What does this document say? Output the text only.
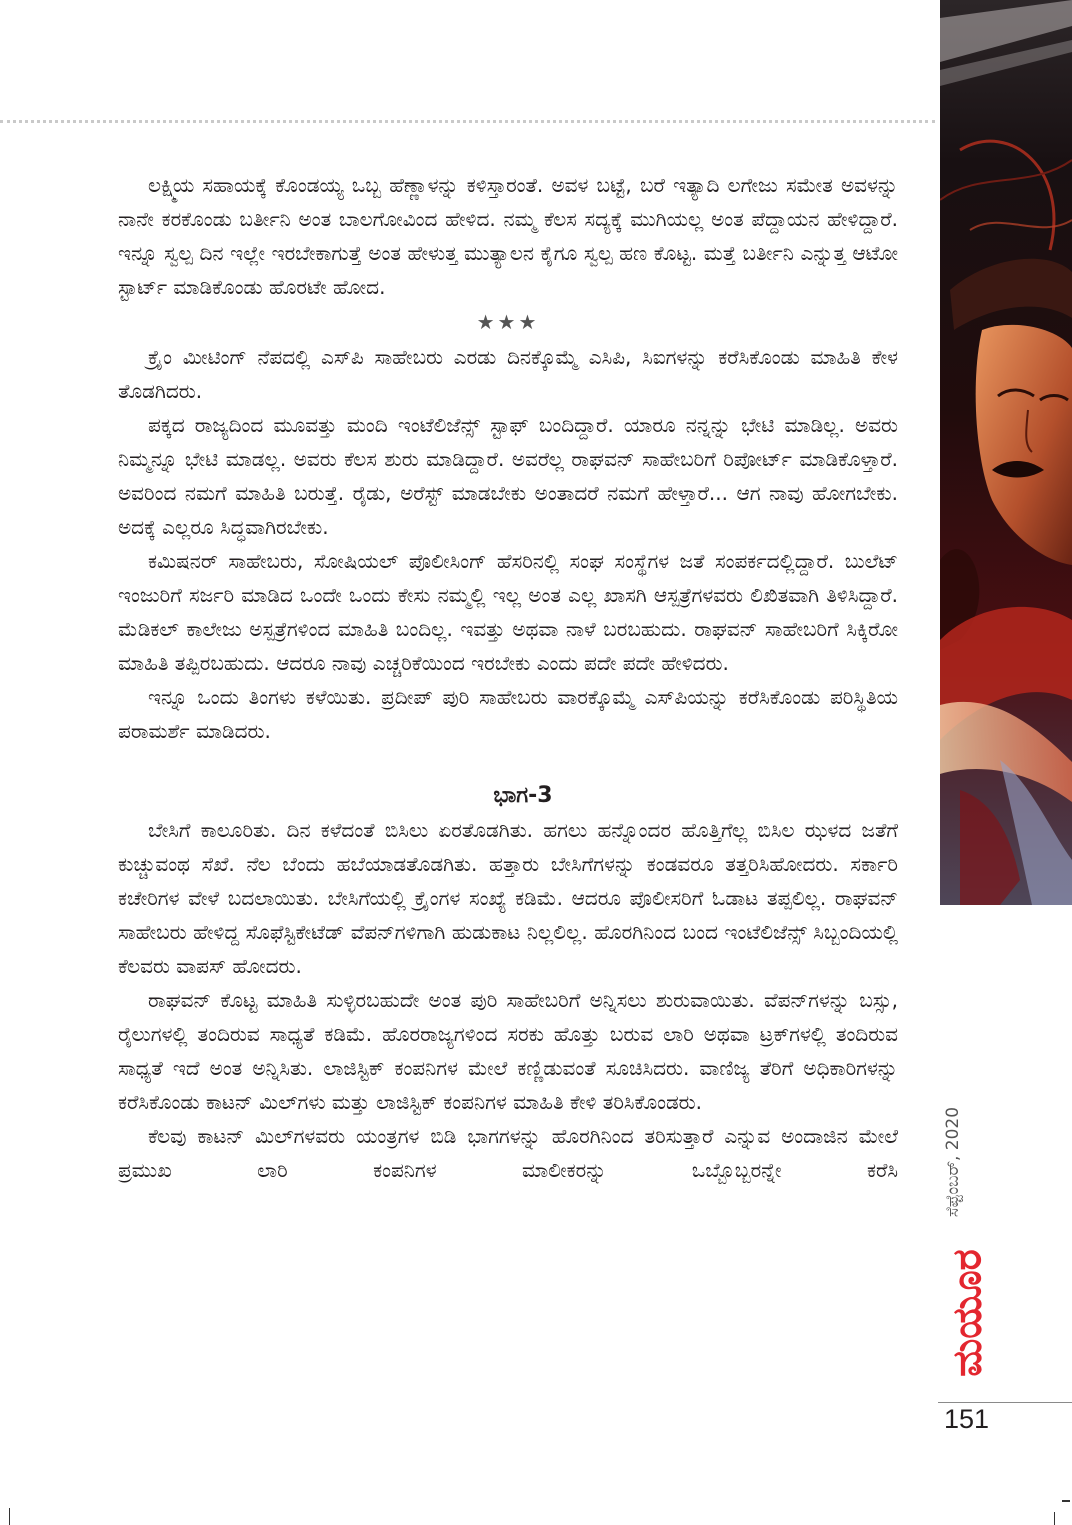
ಲಕ್ಷ್ಮಿಯ ಸಹಾಯಕ್ಕೆ ಕೊಂಡಯ್ಯ ಒಬ್ಬ ಹೆಣ್ಣಾಳನ್ನು ಕಳಿಸ್ತಾರಂತೆ. ಅವಳ ಬಟ್ಟೆ, ಬರೆ ಇತ್ಯಾದಿ ಲಗೇಜು ಸಮೇತ ಅವಳನ್ನು ನಾನೇ ಕರಕೊಂಡು ಬರ್ತೀನಿ ಅಂತ ಬಾಲಗೋವಿಂದ ಹೇಳಿದ. ನಮ್ಮ ಕೆಲಸ ಸದ್ಯಕ್ಕೆ ಮುಗಿಯಲ್ಲ ಅಂತ ಪೆದ್ದಾಯನ ಹೇಳಿದ್ದಾರೆ. ಇನ್ನೂ ಸ್ವಲ್ಪ ದಿನ ಇಲ್ಲೇ ಇರಬೇಕಾಗುತ್ತೆ ಅಂತ ಹೇಳುತ್ತ ಮುತ್ಯಾಲನ ಕೈಗೂ ಸ್ವಲ್ಪ ಹಣ ಕೊಟ್ಟ. ಮತ್ತೆ ಬರ್ತೀನಿ ಎನ್ನುತ್ತ ಆಟೋ ಸ್ಟಾರ್ಟ್ ಮಾಡಿಕೊಂಡು ಹೊರಟೇ ಹೋದ.

★★★

ಕ್ರೈಂ ಮೀಟಿಂಗ್ ನೆಪದಲ್ಲಿ ಎಸ್‌ಪಿ ಸಾಹೇಬರು ಎರಡು ದಿನಕ್ಕೊಮ್ಮೆ ಎಸಿಪಿ, ಸಿಐಗಳನ್ನು ಕರೆಸಿಕೊಂಡು ಮಾಹಿತಿ ಕೇಳ ತೊಡಗಿದರು.

ಪಕ್ಕದ ರಾಜ್ಯದಿಂದ ಮೂವತ್ತು ಮಂದಿ ಇಂಟೆಲಿಜೆನ್ಸ್ ಸ್ಟಾಫ್ ಬಂದಿದ್ದಾರೆ. ಯಾರೂ ನನ್ನನ್ನು ಭೇಟಿ ಮಾಡಿಲ್ಲ. ಅವರು ನಿಮ್ಮನ್ನೂ ಭೇಟಿ ಮಾಡಲ್ಲ. ಅವರು ಕೆಲಸ ಶುರು ಮಾಡಿದ್ದಾರೆ. ಅವರೆಲ್ಲ ರಾಘವನ್ ಸಾಹೇಬರಿಗೆ ರಿಪೋರ್ಟ್ ಮಾಡಿಕೊಳ್ತಾರೆ. ಅವರಿಂದ ನಮಗೆ ಮಾಹಿತಿ ಬರುತ್ತೆ. ರೈಡು, ಅರೆಸ್ಟ್ ಮಾಡಬೇಕು ಅಂತಾದರೆ ನಮಗೆ ಹೇಳ್ತಾರೆ... ಆಗ ನಾವು ಹೋಗಬೇಕು. ಅದಕ್ಕೆ ಎಲ್ಲರೂ ಸಿದ್ಧವಾಗಿರಬೇಕು.

ಕಮಿಷನರ್ ಸಾಹೇಬರು, ಸೋಷಿಯಲ್ ಪೊಲೀಸಿಂಗ್ ಹೆಸರಿನಲ್ಲಿ ಸಂಘ ಸಂಸ್ಥೆಗಳ ಜತೆ ಸಂಪರ್ಕದಲ್ಲಿದ್ದಾರೆ. ಬುಲೆಟ್ ಇಂಜುರಿಗೆ ಸರ್ಜರಿ ಮಾಡಿದ ಒಂದೇ ಒಂದು ಕೇಸು ನಮ್ಮಲ್ಲಿ ಇಲ್ಲ ಅಂತ ಎಲ್ಲ ಖಾಸಗಿ ಆಸ್ಪತ್ರೆಗಳವರು ಲಿಖಿತವಾಗಿ ತಿಳಿಸಿದ್ದಾರೆ. ಮೆಡಿಕಲ್ ಕಾಲೇಜು ಅಸ್ಪತ್ರೆಗಳಿಂದ ಮಾಹಿತಿ ಬಂದಿಲ್ಲ. ಇವತ್ತು ಅಥವಾ ನಾಳೆ ಬರಬಹುದು. ರಾಘವನ್ ಸಾಹೇಬರಿಗೆ ಸಿಕ್ಕಿರೋ ಮಾಹಿತಿ ತಪ್ಪಿರಬಹುದು. ಆದರೂ ನಾವು ಎಚ್ಚರಿಕೆಯಿಂದ ಇರಬೇಕು ಎಂದು ಪದೇ ಪದೇ ಹೇಳಿದರು.

ಇನ್ನೂ ಒಂದು ತಿಂಗಳು ಕಳೆಯಿತು. ಪ್ರದೀಪ್ ಪುರಿ ಸಾಹೇಬರು ವಾರಕ್ಕೊಮ್ಮೆ ಎಸ್‌ಪಿಯನ್ನು ಕರೆಸಿಕೊಂಡು ಪರಿಸ್ಥಿತಿಯ ಪರಾಮರ್ಶೆ ಮಾಡಿದರು.

ಭಾಗ-3

ಬೇಸಿಗೆ ಕಾಲೂರಿತು. ದಿನ ಕಳೆದಂತೆ ಬಿಸಿಲು ಏರತೊಡಗಿತು. ಹಗಲು ಹನ್ನೊಂದರ ಹೊತ್ತಿಗೆಲ್ಲ ಬಿಸಿಲ ಝಳದ ಜತೆಗೆ ಕುಚ್ಚುವಂಥ ಸೆಖೆ. ನೆಲ ಬೆಂದು ಹಬೆಯಾಡತೊಡಗಿತು. ಹತ್ತಾರು ಬೇಸಿಗೆಗಳನ್ನು ಕಂಡವರೂ ತತ್ತರಿಸಿಹೋದರು. ಸರ್ಕಾರಿ ಕಚೇರಿಗಳ ವೇಳೆ ಬದಲಾಯಿತು. ಬೇಸಿಗೆಯಲ್ಲಿ ಕ್ರೈಂಗಳ ಸಂಖ್ಯೆ ಕಡಿಮೆ. ಆದರೂ ಪೊಲೀಸರಿಗೆ ಓಡಾಟ ತಪ್ಪಲಿಲ್ಲ. ರಾಘವನ್ ಸಾಹೇಬರು ಹೇಳಿದ್ದ ಸೊಫೆಸ್ಟಿಕೇಟೆಡ್ ವೆಪನ್‌ಗಳಿಗಾಗಿ ಹುಡುಕಾಟ ನಿಲ್ಲಲಿಲ್ಲ. ಹೊರಗಿನಿಂದ ಬಂದ ಇಂಟೆಲಿಜೆನ್ಸ್ ಸಿಬ್ಬಂದಿಯಲ್ಲಿ ಕೆಲವರು ವಾಪಸ್ ಹೋದರು.

ರಾಘವನ್ ಕೊಟ್ಟ ಮಾಹಿತಿ ಸುಳ್ಳಿರಬಹುದೇ ಅಂತ ಪುರಿ ಸಾಹೇಬರಿಗೆ ಅನ್ನಿಸಲು ಶುರುವಾಯಿತು. ವೆಪನ್‌ಗಳನ್ನು ಬಸ್ಸು, ರೈಲುಗಳಲ್ಲಿ ತಂದಿರುವ ಸಾಧ್ಯತೆ ಕಡಿಮೆ. ಹೊರರಾಜ್ಯಗಳಿಂದ ಸರಕು ಹೊತ್ತು ಬರುವ ಲಾರಿ ಅಥವಾ ಟ್ರಕ್‌ಗಳಲ್ಲಿ ತಂದಿರುವ ಸಾಧ್ಯತೆ ಇದೆ ಅಂತ ಅನ್ನಿಸಿತು. ಲಾಜಿಸ್ಟಿಕ್ ಕಂಪನಿಗಳ ಮೇಲೆ ಕಣ್ಣಿಡುವಂತೆ ಸೂಚಿಸಿದರು. ವಾಣಿಜ್ಯ ತೆರಿಗೆ ಅಧಿಕಾರಿಗಳನ್ನು ಕರೆಸಿಕೊಂಡು ಕಾಟನ್ ಮಿಲ್‌ಗಳು ಮತ್ತು ಲಾಜಿಸ್ಟಿಕ್ ಕಂಪನಿಗಳ ಮಾಹಿತಿ ಕೇಳಿ ತರಿಸಿಕೊಂಡರು.

ಕೆಲವು ಕಾಟನ್ ಮಿಲ್‌ಗಳವರು ಯಂತ್ರಗಳ ಬಿಡಿ ಭಾಗಗಳನ್ನು ಹೊರಗಿನಿಂದ ತರಿಸುತ್ತಾರೆ ಎನ್ನುವ ಅಂದಾಜಿನ ಮೇಲೆ ಪ್ರಮುಖ ಲಾರಿ ಕಂಪನಿಗಳ ಮಾಲೀಕರನ್ನು ಒಬ್ಬೊಬ್ಬರನ್ನೇ ಕರೆಸಿ	ಸೆಪ್ಟೆಂಬರ್, 2020
ಮಯೂರ
151
